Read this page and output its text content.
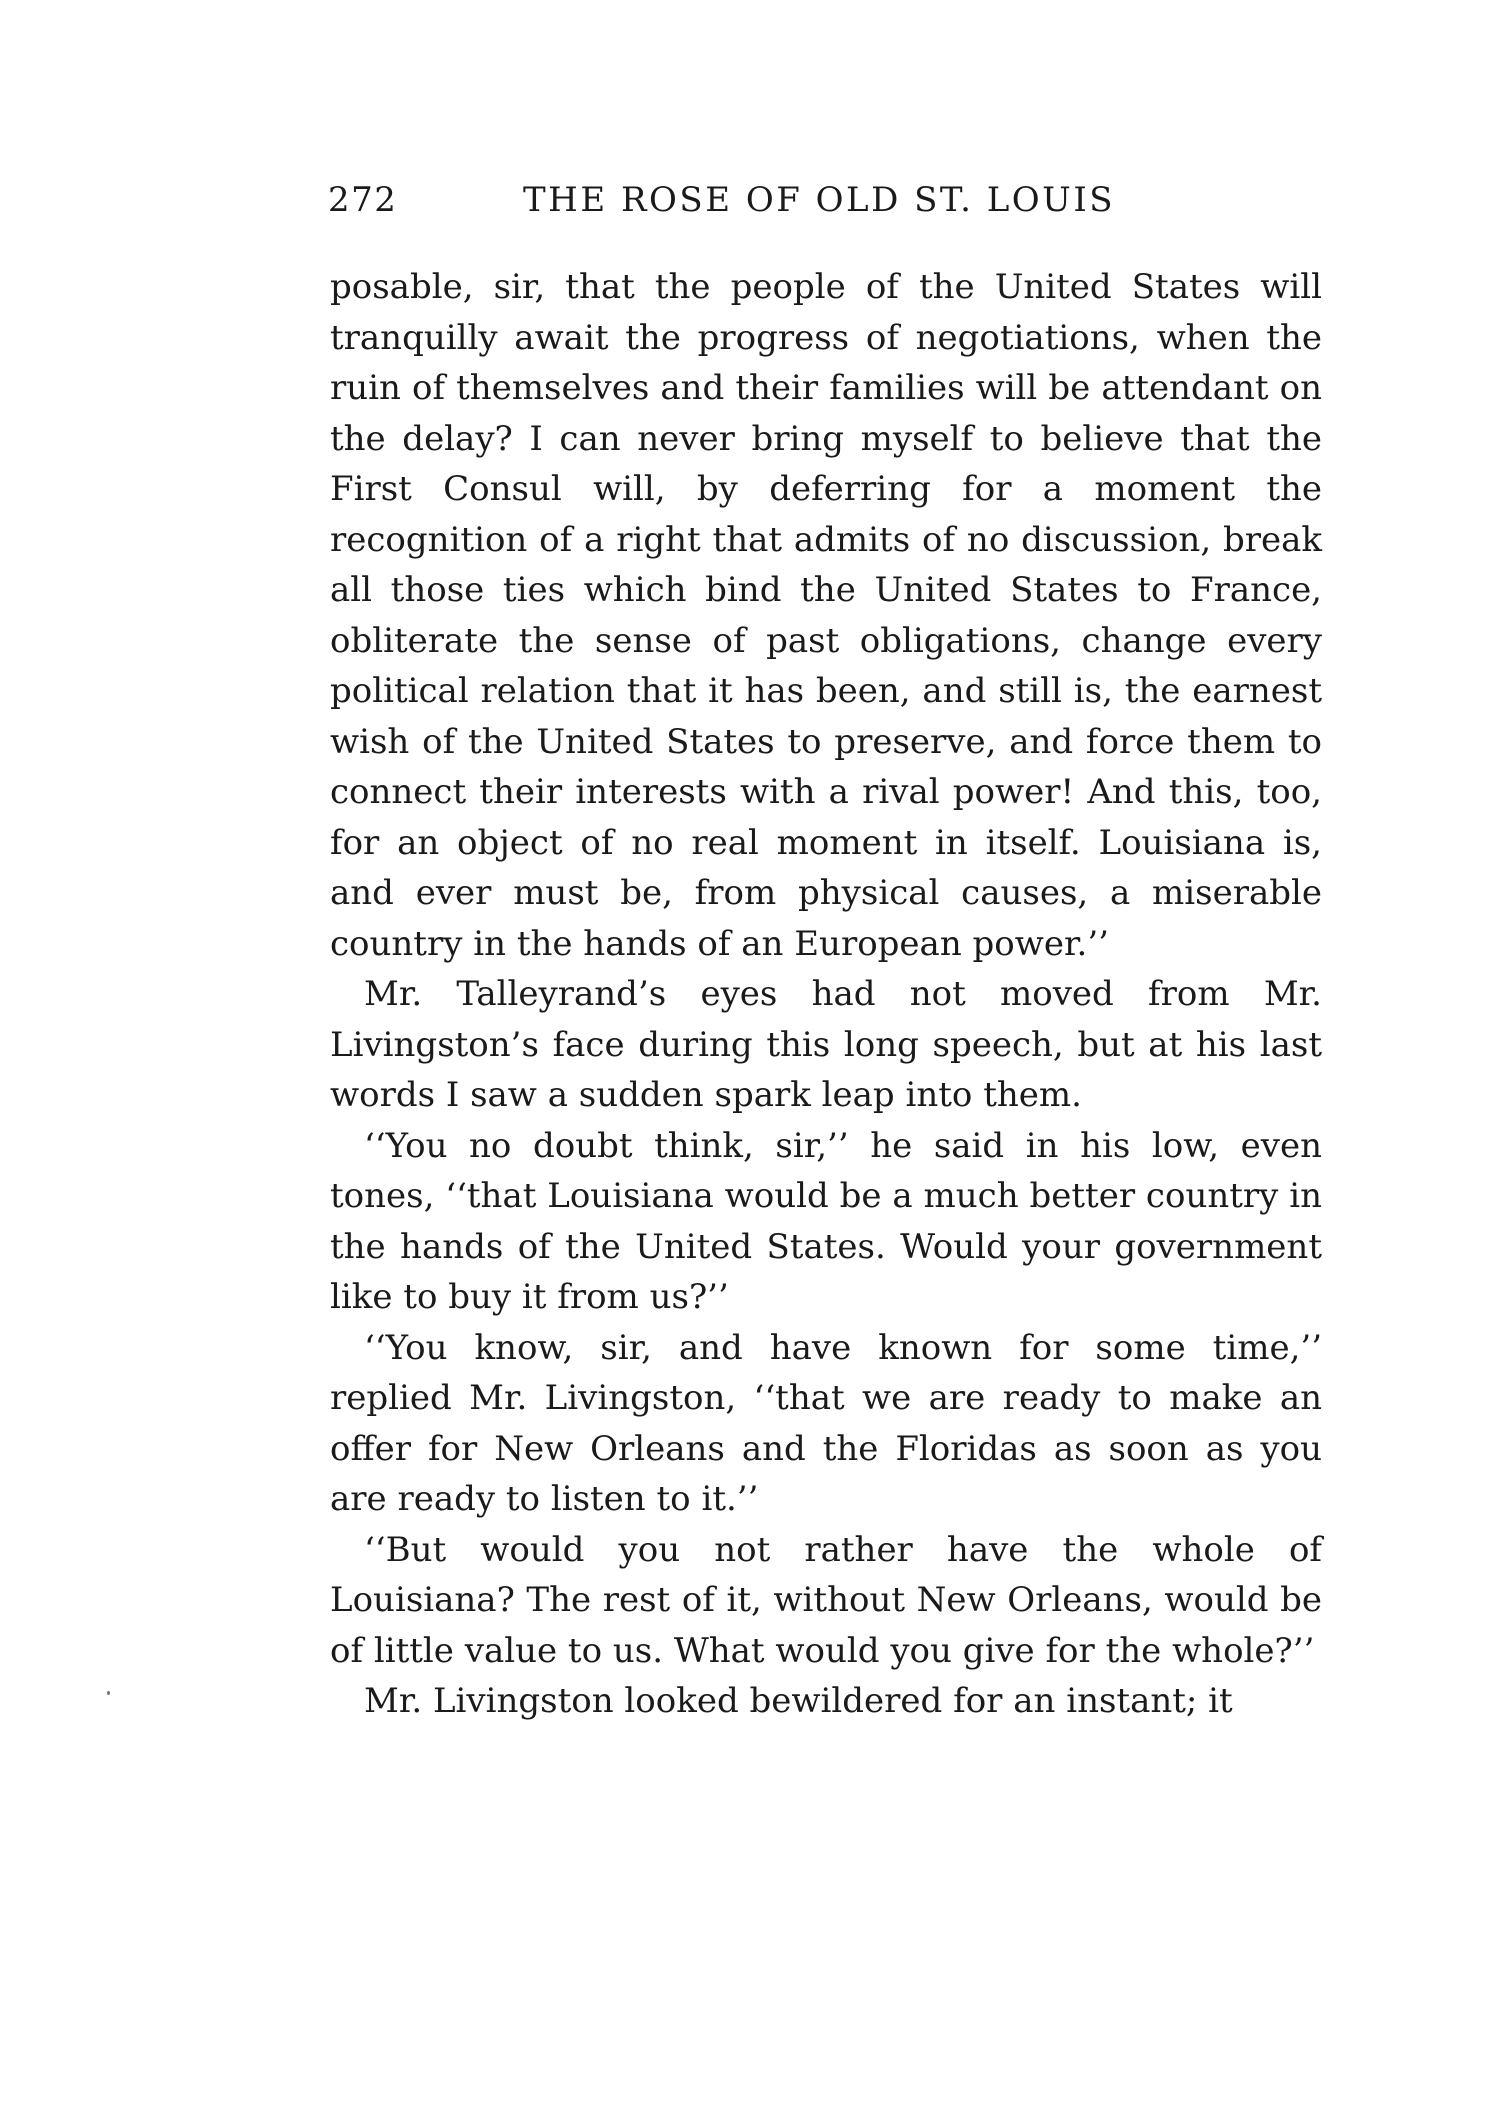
272	THE ROSE OF OLD ST. LOUIS

posable, sir, that the people of the United States will tranquilly await the progress of negotiations, when the ruin of themselves and their families will be attendant on the delay? I can never bring myself to believe that the First Consul will, by deferring for a moment the recognition of a right that admits of no discussion, break all those ties which bind the United States to France, obliterate the sense of past obligations, change every political relation that it has been, and still is, the earnest wish of the United States to preserve, and force them to connect their interests with a rival power! And this, too, for an object of no real moment in itself. Louisiana is, and ever must be, from physical causes, a miserable country in the hands of an European power.’’

Mr. Talleyrand’s eyes had not moved from Mr. Livingston’s face during this long speech, but at his last words I saw a sudden spark leap into them.

‘‘You no doubt think, sir,’’ he said in his low, even tones, ‘‘that Louisiana would be a much better country in the hands of the United States. Would your government like to buy it from us?’’

‘‘You know, sir, and have known for some time,’’ replied Mr. Livingston, ‘‘that we are ready to make an offer for New Orleans and the Floridas as soon as you are ready to listen to it.’’

‘‘But would you not rather have the whole of Louisiana? The rest of it, without New Orleans, would be of little value to us. What would you give for the whole?’’

Mr. Livingston looked bewildered for an instant; it
